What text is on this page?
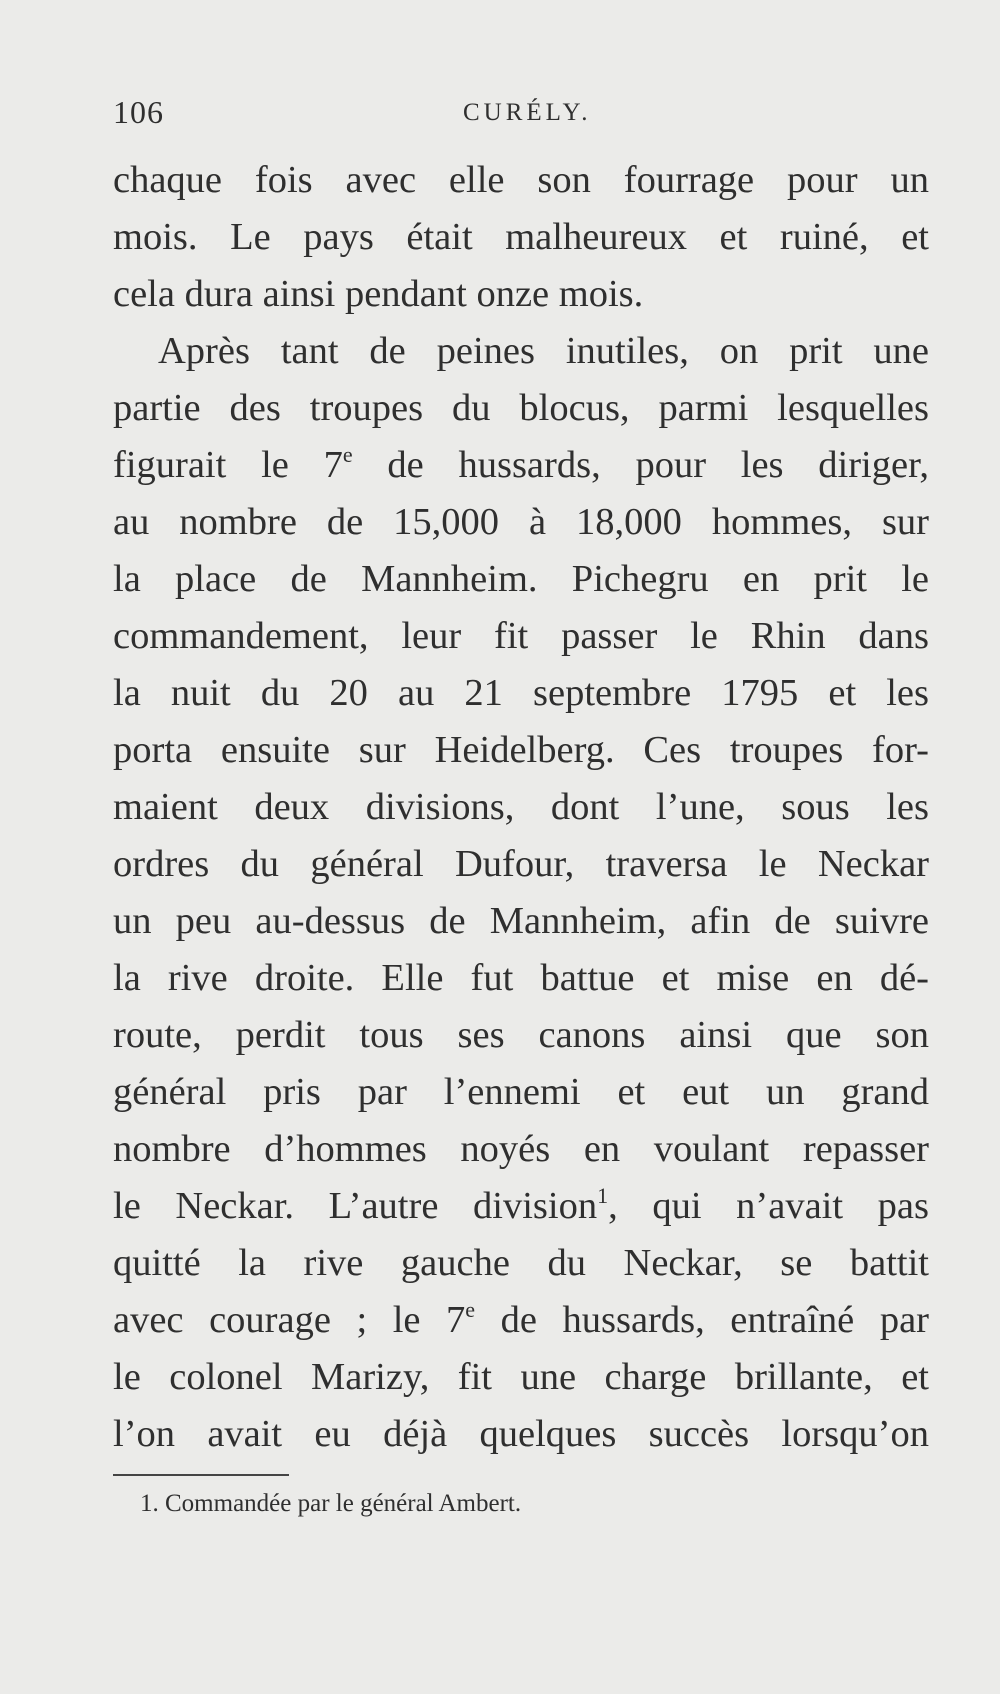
106	CURÉLY.
chaque fois avec elle son fourrage pour un
mois. Le pays était malheureux et ruiné, et
cela dura ainsi pendant onze mois.
Après tant de peines inutiles, on prit une
partie des troupes du blocus, parmi lesquelles
figurait le 7e de hussards, pour les diriger,
au nombre de 15,000 à 18,000 hommes, sur
la place de Mannheim. Pichegru en prit le
commandement, leur fit passer le Rhin dans
la nuit du 20 au 21 septembre 1795 et les
porta ensuite sur Heidelberg. Ces troupes for-
maient deux divisions, dont l’une, sous les
ordres du général Dufour, traversa le Neckar
un peu au-dessus de Mannheim, afin de suivre
la rive droite. Elle fut battue et mise en dé-
route, perdit tous ses canons ainsi que son
général pris par l’ennemi et eut un grand
nombre d’hommes noyés en voulant repasser
le Neckar. L’autre division$^1$, qui n’avait pas
quitté la rive gauche du Neckar, se battit
avec courage ; le 7e de hussards, entraîné par
le colonel Marizy, fit une charge brillante, et
l’on avait eu déjà quelques succès lorsqu’on
1. Commandée par le général Ambert.
